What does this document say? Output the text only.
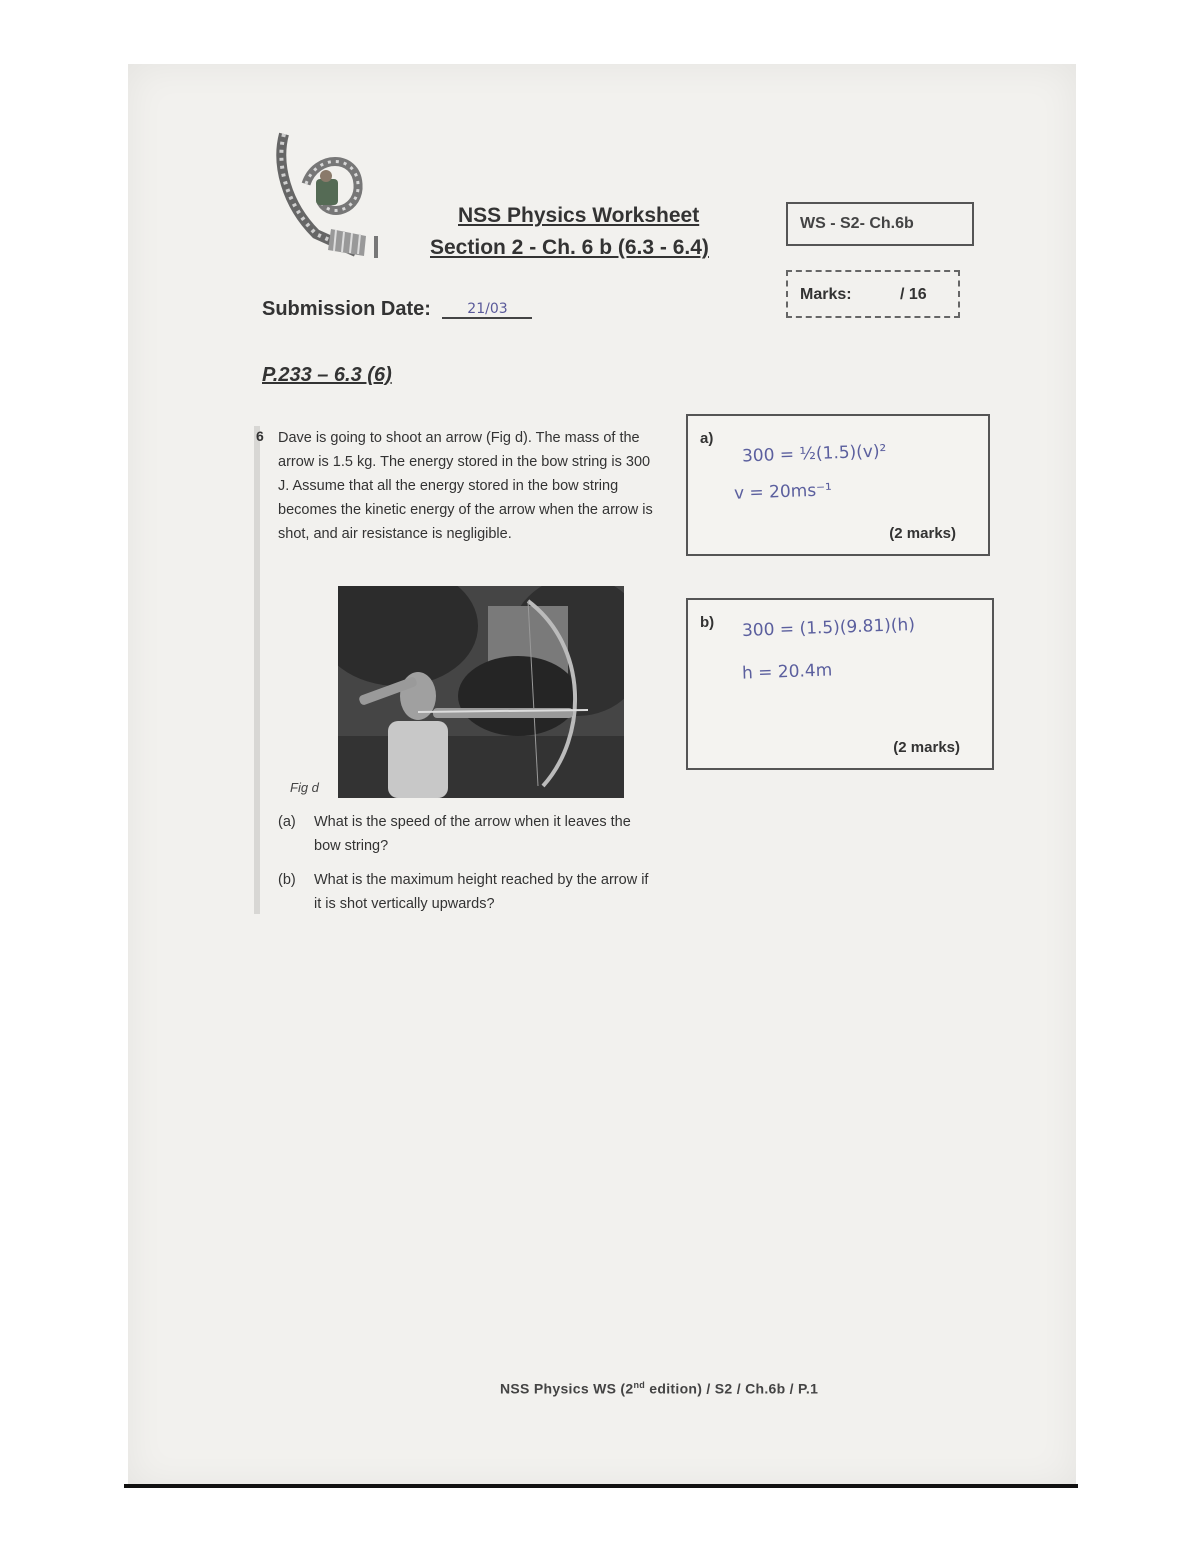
NSS Physics Worksheet
Section 2 - Ch. 6 b (6.3 - 6.4)
WS - S2- Ch.6b
Marks:	/ 16
Submission Date:	21/03
P.233 – 6.3 (6)
6 Dave is going to shoot an arrow (Fig d). The mass of the arrow is 1.5 kg. The energy stored in the bow string is 300 J. Assume that all the energy stored in the bow string becomes the kinetic energy of the arrow when the arrow is shot, and air resistance is negligible.
Fig d
(a) What is the speed of the arrow when it leaves the bow string?
(b) What is the maximum height reached by the arrow if it is shot vertically upwards?
a)
(2 marks)
300 = ½(1.5)(v)²
v = 20ms⁻¹
b)
(2 marks)
300 = (1.5)(9.81)(h)
h = 20.4m
NSS Physics WS (2nd edition) / S2 / Ch.6b / P.1
